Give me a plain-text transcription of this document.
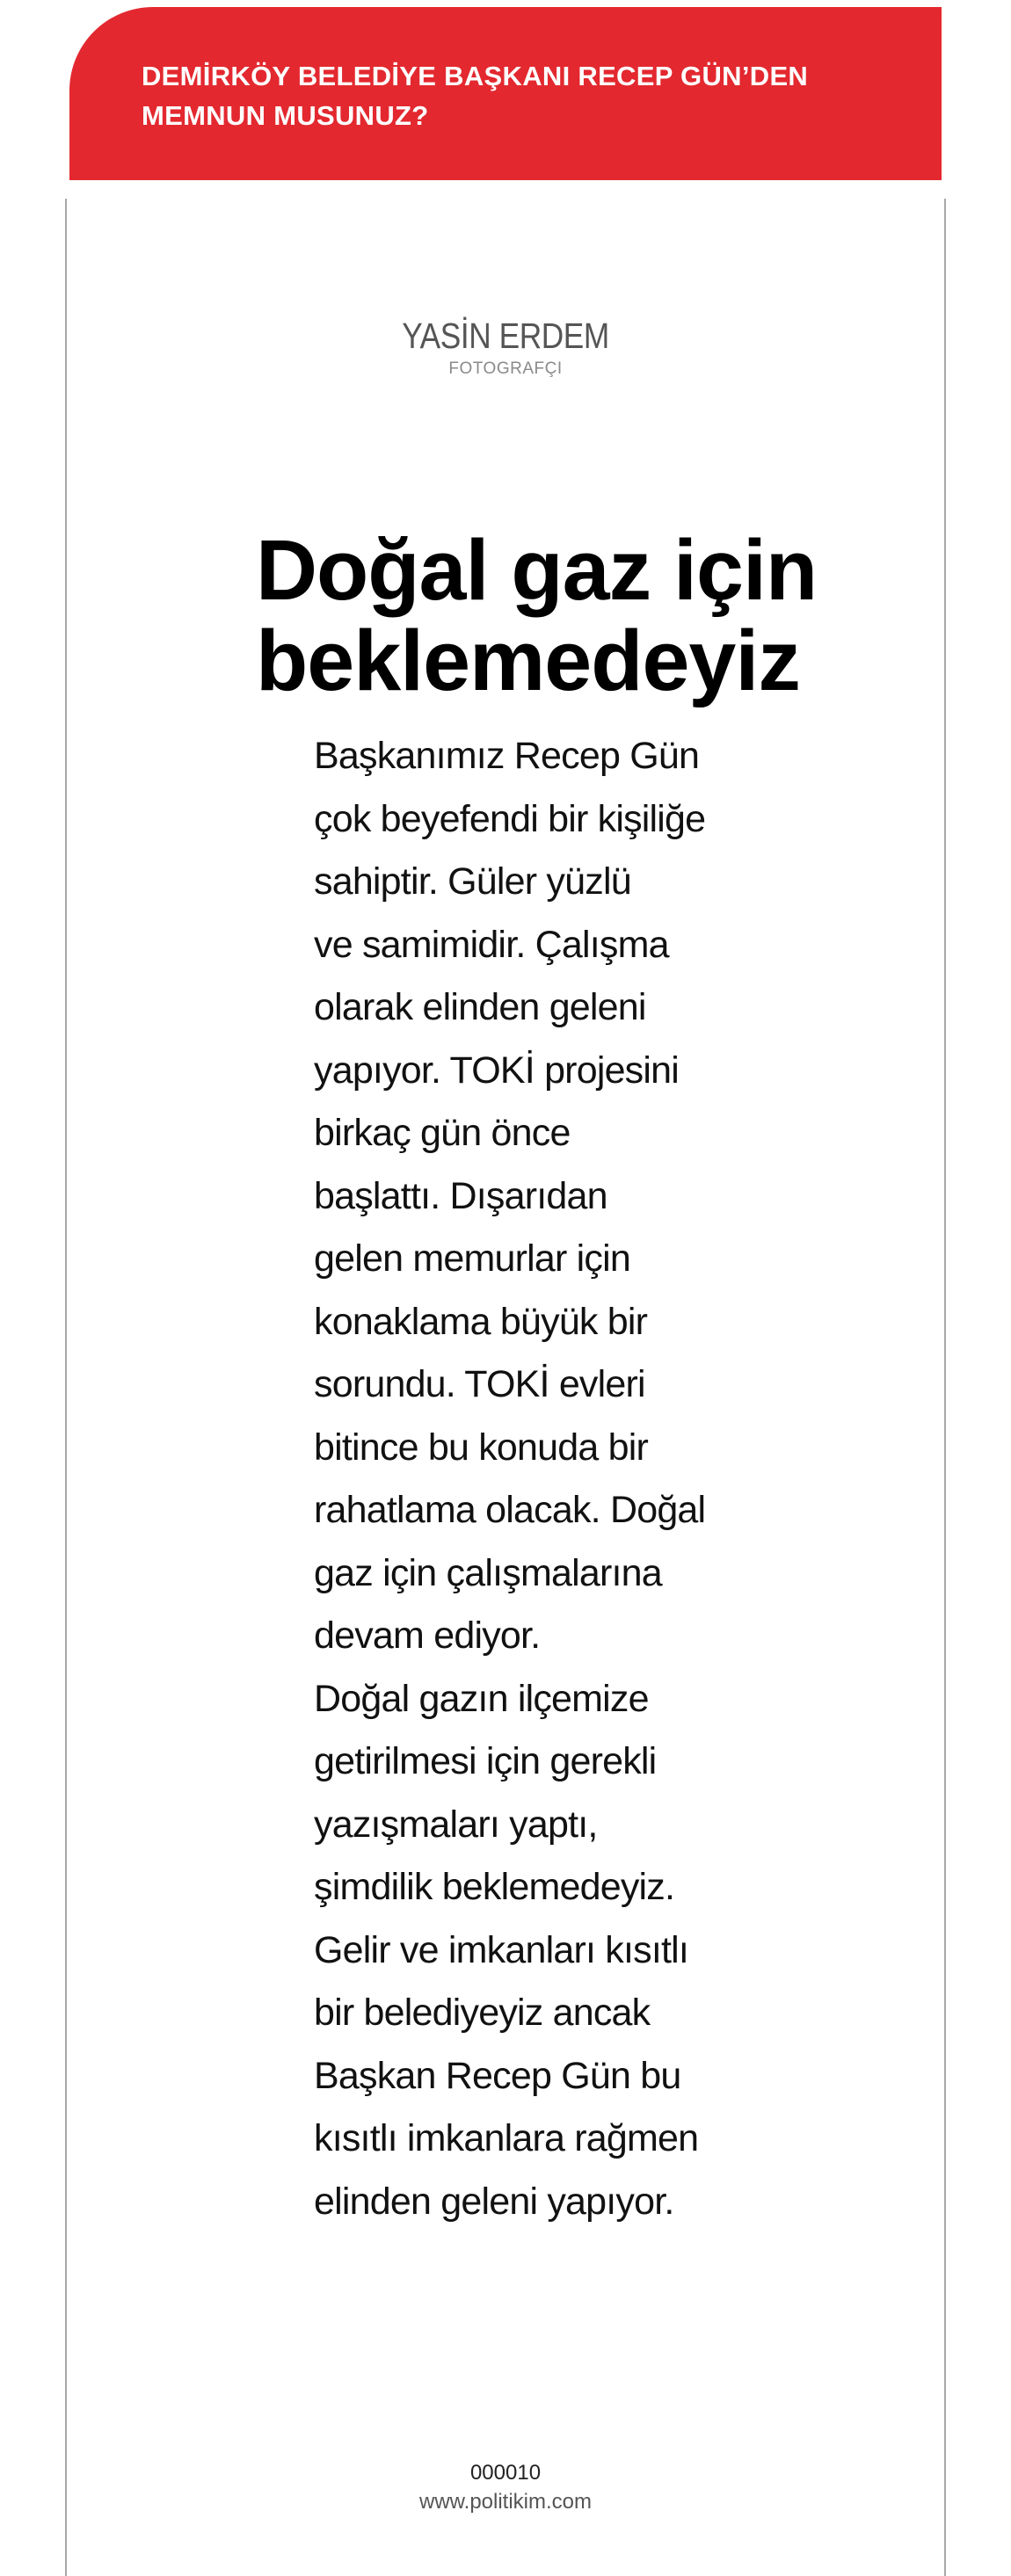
DEMİRKÖY BELEDİYE BAŞKANI RECEP GÜN’DEN
MEMNUN MUSUNUZ?
YASİN ERDEM
FOTOGRAFÇI
Doğal gaz için
beklemedeyiz
Başkanımız Recep Gün
çok beyefendi bir kişiliğe
sahiptir. Güler yüzlü
ve samimidir. Çalışma
olarak elinden geleni
yapıyor. TOKİ projesini
birkaç gün önce
başlattı. Dışarıdan
gelen memurlar için
konaklama büyük bir
sorundu. TOKİ evleri
bitince bu konuda bir
rahatlama olacak. Doğal
gaz için çalışmalarına
devam ediyor.
Doğal gazın ilçemize
getirilmesi için gerekli
yazışmaları yaptı,
şimdilik beklemedeyiz.
Gelir ve imkanları kısıtlı
bir belediyeyiz ancak
Başkan Recep Gün bu
kısıtlı imkanlara rağmen
elinden geleni yapıyor.
000010
www.politikim.com
